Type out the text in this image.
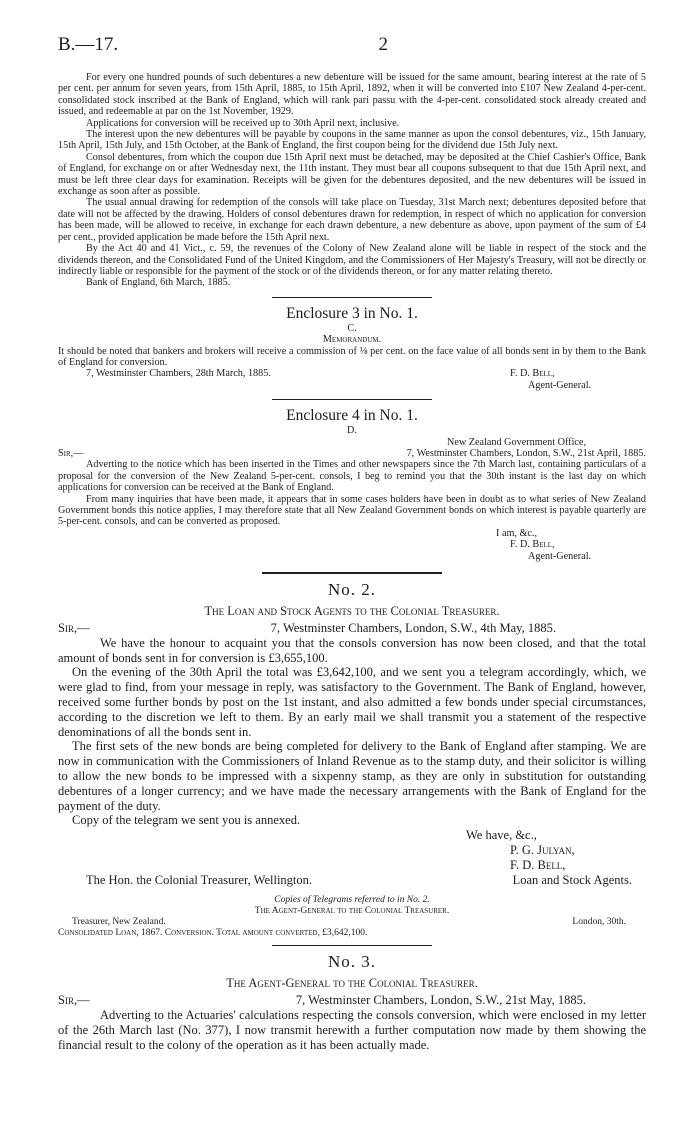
B.—17.	2

For every one hundred pounds of such debentures a new debenture will be issued for the same amount, bearing interest at the rate of 5 per cent. per annum for seven years, from 15th April, 1885, to 15th April, 1892, when it will be converted into £107 New Zealand 4-per-cent. consolidated stock inscribed at the Bank of England, which will rank pari passu with the 4-per-cent. consolidated stock already created and issued, and redeemable at par on the 1st November, 1929.

Applications for conversion will be received up to 30th April next, inclusive.

The interest upon the new debentures will be payable by coupons in the same manner as upon the consol debentures, viz., 15th January, 15th April, 15th July, and 15th October, at the Bank of England, the first coupon being for the dividend due 15th July next.

Consol debentures, from which the coupon due 15th April next must be detached, may be deposited at the Chief Cashier's Office, Bank of England, for exchange on or after Wednesday next, the 11th instant. They must bear all coupons subsequent to that due 15th April next, and must be left three clear days for examination. Receipts will be given for the debentures deposited, and the new debentures will be issued in exchange as soon after as possible.

The usual annual drawing for redemption of the consols will take place on Tuesday, 31st March next; debentures deposited before that date will not be affected by the drawing. Holders of consol debentures drawn for redemption, in respect of which no application for conversion has been made, will be allowed to receive, in exchange for each drawn debenture, a new debenture as above, upon payment of the sum of £4 per cent., provided application be made before the 15th April next.

By the Act 40 and 41 Vict., c. 59, the revenues of the Colony of New Zealand alone will be liable in respect of the stock and the dividends thereon, and the Consolidated Fund of the United Kingdom, and the Commissioners of Her Majesty's Treasury, will not be directly or indirectly liable or responsible for the payment of the stock or of the dividends thereon, or for any matter relating thereto.

Bank of England, 6th March, 1885.

Enclosure 3 in No. 1.
C.
Memorandum.

It should be noted that bankers and brokers will receive a commission of ⅛ per cent. on the face value of all bonds sent in by them to the Bank of England for conversion.

7, Westminster Chambers, 28th March, 1885.	F. D. Bell,
Agent-General.
Enclosure 4 in No. 1.
D.
New Zealand Government Office,
Sir,—	7, Westminster Chambers, London, S.W., 21st April, 1885.

Adverting to the notice which has been inserted in the Times and other newspapers since the 7th March last, containing particulars of a proposal for the conversion of the New Zealand 5-per-cent. consols, I beg to remind you that the 30th instant is the last day on which applications for conversion can be received at the Bank of England.

From many inquiries that have been made, it appears that in some cases holders have been in doubt as to what series of New Zealand Government bonds this notice applies, I may therefore state that all New Zealand Government bonds on which interest is payable quarterly are 5-per-cent. consols, and can be converted as proposed.

I am, &c.,
F. D. Bell,
Agent-General.
No. 2.
The Loan and Stock Agents to the Colonial Treasurer.
Sir,—	7, Westminster Chambers, London, S.W., 4th May, 1885.

We have the honour to acquaint you that the consols conversion has now been closed, and that the total amount of bonds sent in for conversion is £3,655,100.

On the evening of the 30th April the total was £3,642,100, and we sent you a telegram accordingly, which, we were glad to find, from your message in reply, was satisfactory to the Government. The Bank of England, however, received some further bonds by post on the 1st instant, and also admitted a few bonds under special circumstances, according to the discretion we left to them. By an early mail we shall transmit you a statement of the respective denominations of all the bonds sent in.

The first sets of the new bonds are being completed for delivery to the Bank of England after stamping. We are now in communication with the Commissioners of Inland Revenue as to the stamp duty, and their solicitor is willing to allow the new bonds to be impressed with a sixpenny stamp, as they are only in substitution for outstanding debentures of a longer currency; and we have made the necessary arrangements with the Bank of England for the payment of the duty.

Copy of the telegram we sent you is annexed.

We have, &c.,
P. G. Julyan,
F. D. Bell,
The Hon. the Colonial Treasurer, Wellington.	Loan and Stock Agents.
Copies of Telegrams referred to in No. 2.
The Agent-General to the Colonial Treasurer.
Treasurer, New Zealand.	London, 30th.
Consolidated Loan, 1867. Conversion. Total amount converted, £3,642,100.
No. 3.
The Agent-General to the Colonial Treasurer.
Sir,—	7, Westminster Chambers, London, S.W., 21st May, 1885.

Adverting to the Actuaries' calculations respecting the consols conversion, which were enclosed in my letter of the 26th March last (No. 377), I now transmit herewith a further computation now made by them showing the financial result to the colony of the operation as it has been actually made.
